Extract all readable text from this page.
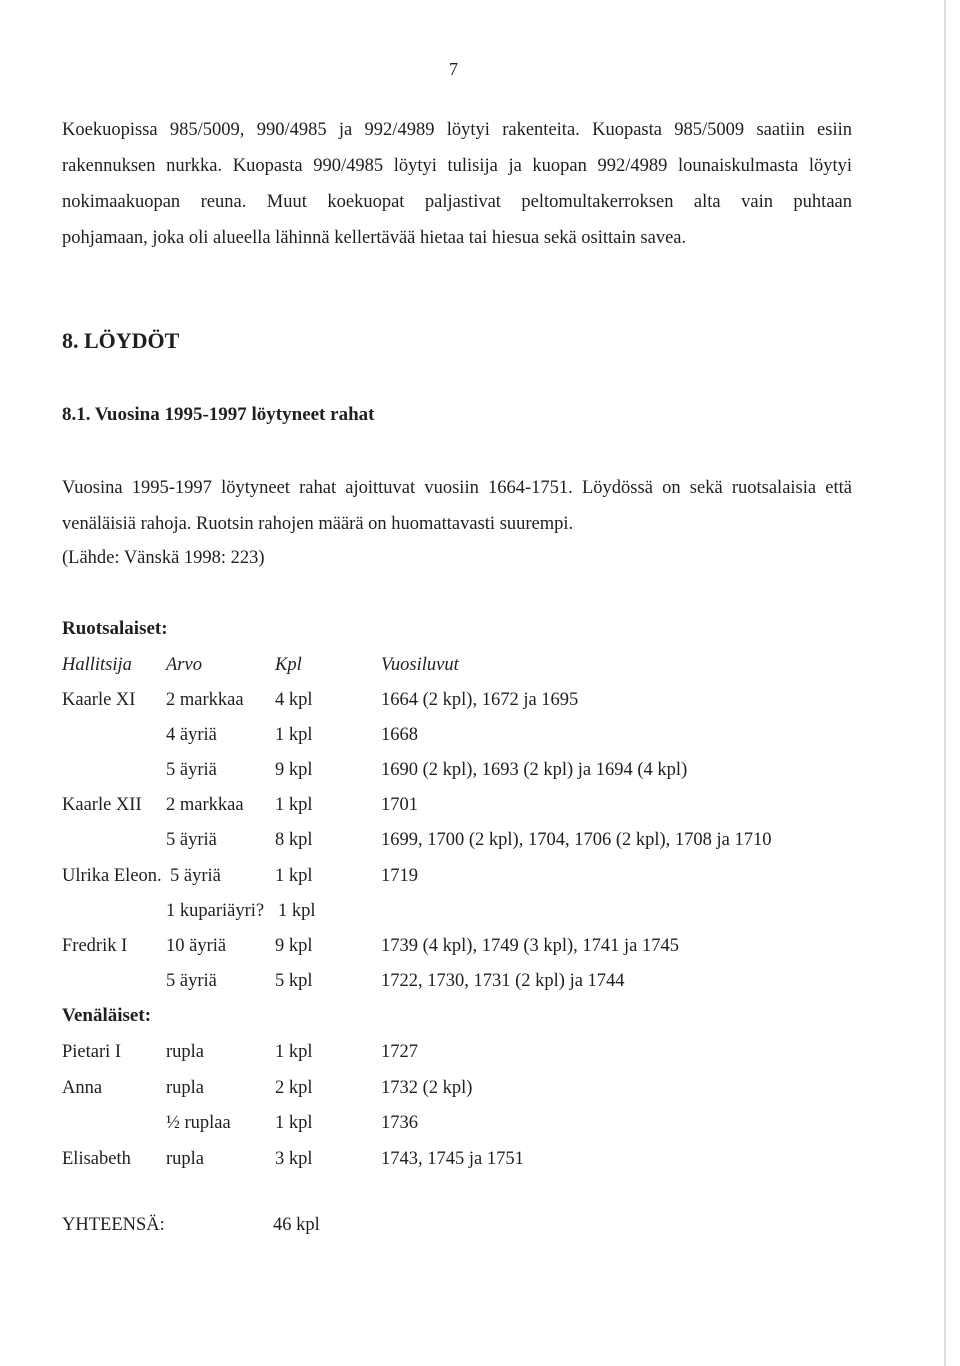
7
Koekuopissa 985/5009, 990/4985 ja 992/4989 löytyi rakenteita. Kuopasta 985/5009 saatiin esiin
rakennuksen nurkka. Kuopasta 990/4985 löytyi tulisija ja kuopan 992/4989 lounaiskulmasta löytyi
nokimaakuopan reuna. Muut koekuopat paljastivat peltomultakerroksen alta vain puhtaan
pohjamaan, joka oli alueella lähinnä kellertävää hietaa tai hiesua sekä osittain savea.
8. LÖYDÖT
8.1. Vuosina 1995-1997 löytyneet rahat
Vuosina 1995-1997 löytyneet rahat ajoittuvat vuosiin 1664-1751. Löydössä on sekä ruotsalaisia että
venäläisiä rahoja. Ruotsin rahojen määrä on huomattavasti suurempi.
(Lähde: Vänskä 1998: 223)
Ruotsalaiset:
Hallitsija Arvo	Kpl	Vuosiluvut
Kaarle XI 2 markkaa 4 kpl	1664 (2 kpl), 1672 ja 1695
4 äyriä	1 kpl	1668
5 äyriä	9 kpl	1690 (2 kpl), 1693 (2 kpl) ja 1694 (4 kpl)
Kaarle XII 2 markkaa 1 kpl	1701
5 äyriä	8 kpl	1699, 1700 (2 kpl), 1704, 1706 (2 kpl), 1708 ja 1710
Ulrika Eleon. 5 äyriä	1 kpl	1719
1 kupariäyri? 1 kpl
Fredrik I 10 äyriä	9 kpl	1739 (4 kpl), 1749 (3 kpl), 1741 ja 1745
5 äyriä	5 kpl	1722, 1730, 1731 (2 kpl) ja 1744
Venäläiset:
Pietari I rupla	1 kpl	1727
Anna	rupla	2 kpl	1732 (2 kpl)
½ ruplaa 1 kpl	1736
Elisabeth rupla	3 kpl	1743, 1745 ja 1751
YHTEENSÄ:	46 kpl
